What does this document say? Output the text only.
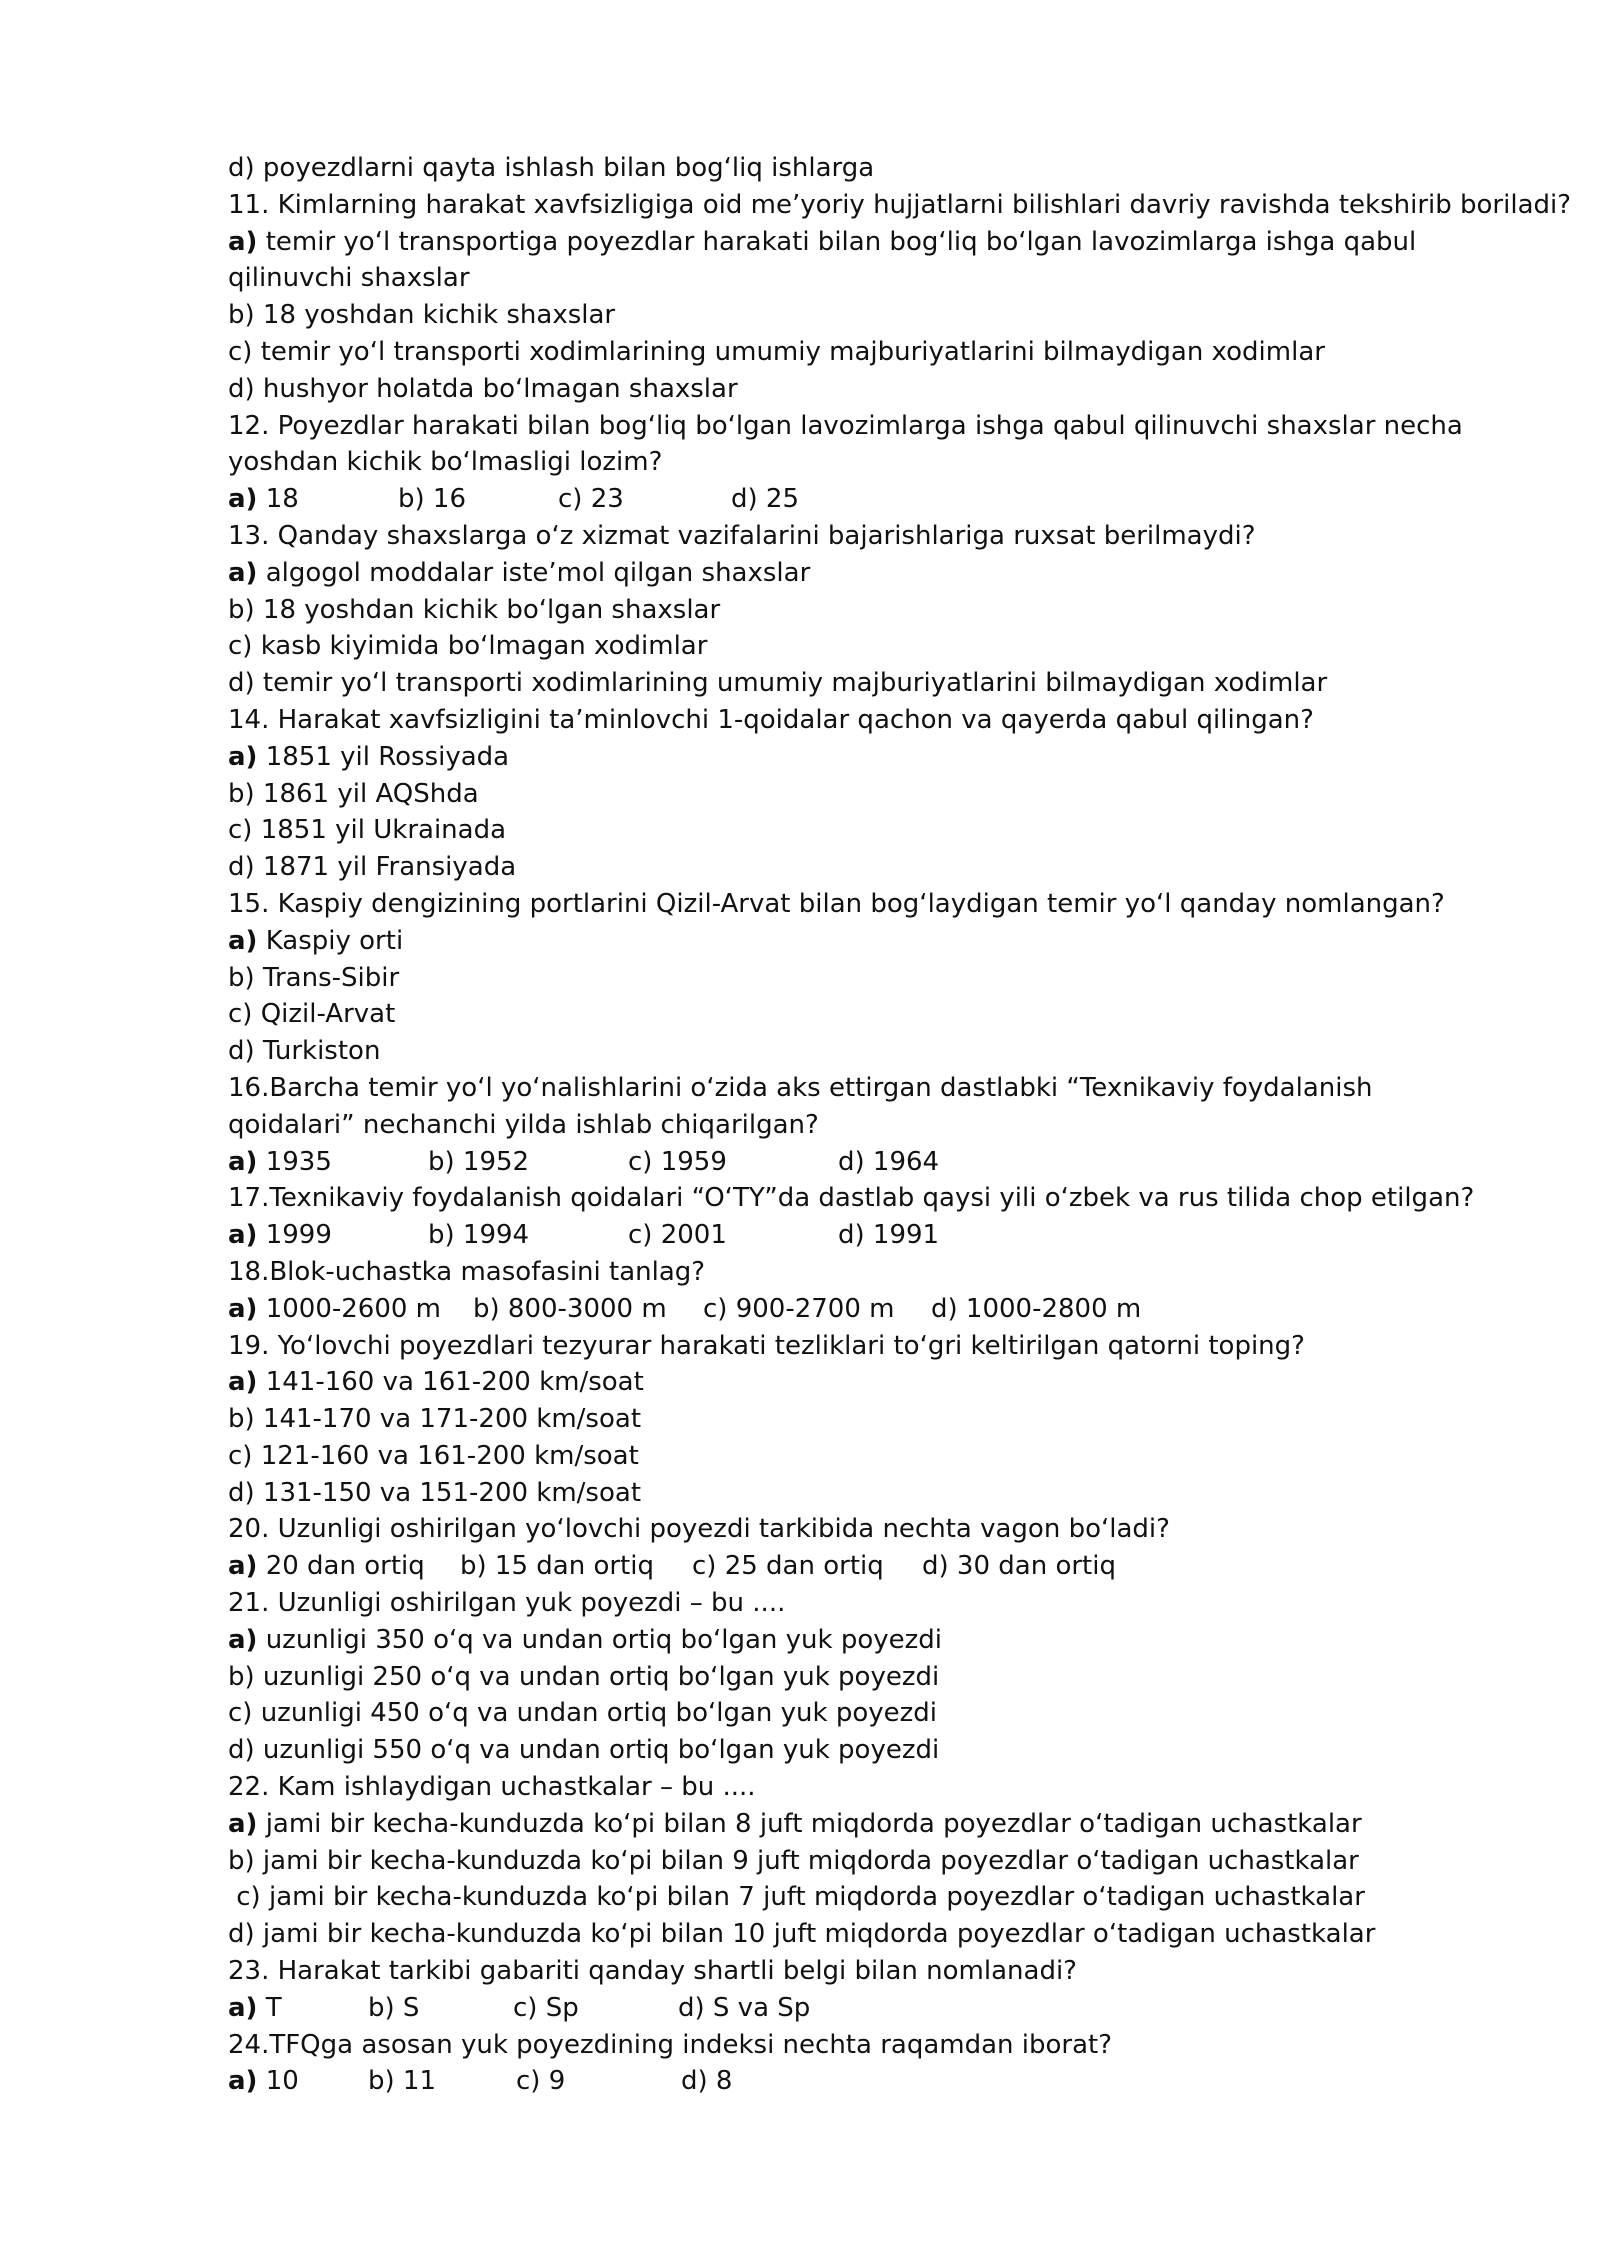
d) poyezdlarni qayta ishlash bilan bog‘liq ishlarga
11. Kimlarning harakat xavfsizligiga oid me’yoriy hujjatlarni bilishlari davriy ravishda tekshirib boriladi?
a) temir yo‘l transportiga poyezdlar harakati bilan bog‘liq bo‘lgan lavozimlarga ishga qabul qilinuvchi shaxslar
b) 18 yoshdan kichik shaxslar
c) temir yo‘l transporti xodimlarining umumiy majburiyatlarini bilmaydigan xodimlar
d) hushyor holatda bo‘lmagan shaxslar
12. Poyezdlar harakati bilan bog‘liq bo‘lgan lavozimlarga ishga qabul qilinuvchi shaxslar necha yoshdan kichik bo‘lmasligi lozim?
a) 18	b) 16	c) 23	d) 25
13. Qanday shaxslarga o‘z xizmat vazifalarini bajarishlariga ruxsat berilmaydi?
a) algogol moddalar iste’mol qilgan shaxslar
b) 18 yoshdan kichik bo‘lgan shaxslar
c) kasb kiyimida bo‘lmagan xodimlar
d) temir yo‘l transporti xodimlarining umumiy majburiyatlarini bilmaydigan xodimlar
14. Harakat xavfsizligini ta’minlovchi 1-qoidalar qachon va qayerda qabul qilingan?
a) 1851 yil Rossiyada
b) 1861 yil AQShda
c) 1851 yil Ukrainada
d) 1871 yil Fransiyada
15. Kaspiy dengizining portlarini Qizil-Arvat bilan bog‘laydigan temir yo‘l qanday nomlangan?
a) Kaspiy orti
b) Trans-Sibir
c) Qizil-Arvat
d) Turkiston
16.Barcha temir yo‘l yo‘nalishlarini o‘zida aks ettirgan dastlabki “Texnikaviy foydalanish qoidalari” nechanchi yilda ishlab chiqarilgan?
a) 1935	b) 1952	c) 1959	d) 1964
17.Texnikaviy foydalanish qoidalari “O‘TY”da dastlab qaysi yili o‘zbek va rus tilida chop etilgan?
a) 1999	b) 1994	c) 2001	d) 1991
18.Blok-uchastka masofasini tanlag?
a) 1000-2600 m	b) 800-3000 m	c) 900-2700 m	d) 1000-2800 m
19. Yo‘lovchi poyezdlari tezyurar harakati tezliklari to‘gri keltirilgan qatorni toping?
a) 141-160 va 161-200 km/soat
b) 141-170 va 171-200 km/soat
c) 121-160 va 161-200 km/soat
d) 131-150 va 151-200 km/soat
20. Uzunligi oshirilgan yo‘lovchi poyezdi tarkibida nechta vagon bo‘ladi?
a) 20 dan ortiq	b) 15 dan ortiq	c) 25 dan ortiq	d) 30 dan ortiq
21. Uzunligi oshirilgan yuk poyezdi – bu ....
a) uzunligi 350 o‘q va undan ortiq bo‘lgan yuk poyezdi
b) uzunligi 250 o‘q va undan ortiq bo‘lgan yuk poyezdi
c) uzunligi 450 o‘q va undan ortiq bo‘lgan yuk poyezdi
d) uzunligi 550 o‘q va undan ortiq bo‘lgan yuk poyezdi
22. Kam ishlaydigan uchastkalar – bu ....
a) jami bir kecha-kunduzda ko‘pi bilan 8 juft miqdorda poyezdlar o‘tadigan uchastkalar
b) jami bir kecha-kunduzda ko‘pi bilan 9 juft miqdorda poyezdlar o‘tadigan uchastkalar
c) jami bir kecha-kunduzda ko‘pi bilan 7 juft miqdorda poyezdlar o‘tadigan uchastkalar
d) jami bir kecha-kunduzda ko‘pi bilan 10 juft miqdorda poyezdlar o‘tadigan uchastkalar
23. Harakat tarkibi gabariti qanday shartli belgi bilan nomlanadi?
a) T	b) S	c) Sp	d) S va Sp
24.TFQga asosan yuk poyezdining indeksi nechta raqamdan iborat?
a) 10	b) 11	c) 9	d) 8
